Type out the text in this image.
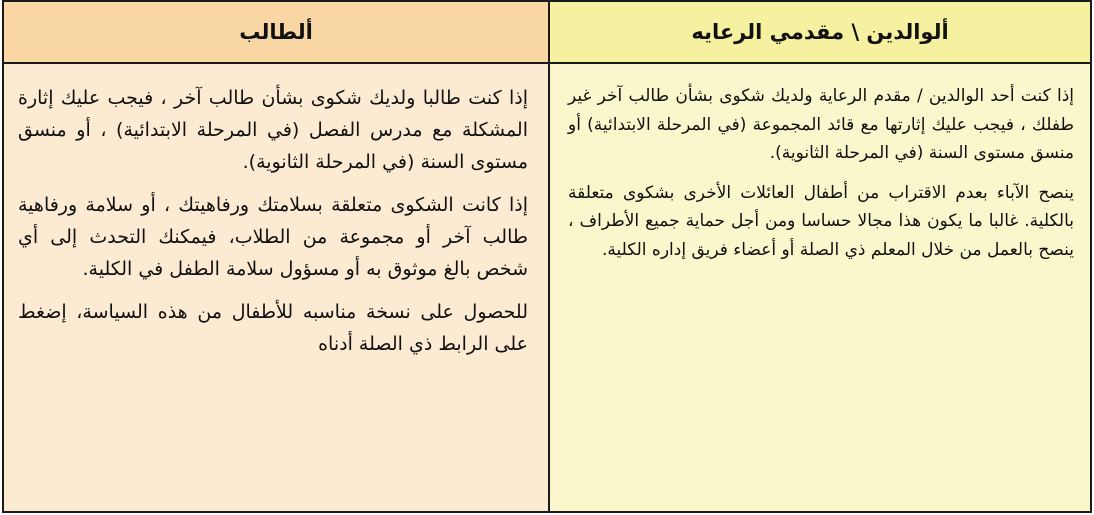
ألطالب	ألوالدين \ مقدمي الرعايه

إذا كنت طالبا ولديك شكوى بشأن طالب آخر ، فيجب عليك إثارة المشكلة مع مدرس الفصل (في المرحلة الابتدائية) ، أو منسق مستوى السنة (في المرحلة الثانوية).

إذا كانت الشكوى متعلقة بسلامتك ورفاهيتك ، أو سلامة ورفاهية طالب آخر أو مجموعة من الطلاب، فيمكنك التحدث إلى أي شخص بالغ موثوق به أو مسؤول سلامة الطفل في الكلية.

للحصول على نسخة مناسبه للأطفال من هذه السياسة، إضغط على الرابط ذي الصلة أدناه

إذا كنت أحد الوالدين / مقدم الرعاية ولديك شكوى بشأن طالب آخر غير طفلك ، فيجب عليك إثارتها مع قائد المجموعة (في المرحلة الابتدائية) أو منسق مستوى السنة (في المرحلة الثانوية).

ينصح الآباء بعدم الاقتراب من أطفال العائلات الأخرى بشكوى متعلقة بالكلية. غالبا ما يكون هذا مجالا حساسا ومن أجل حماية جميع الأطراف ، ينصح بالعمل من خلال المعلم ذي الصلة أو أعضاء فريق إداره الكلية.
